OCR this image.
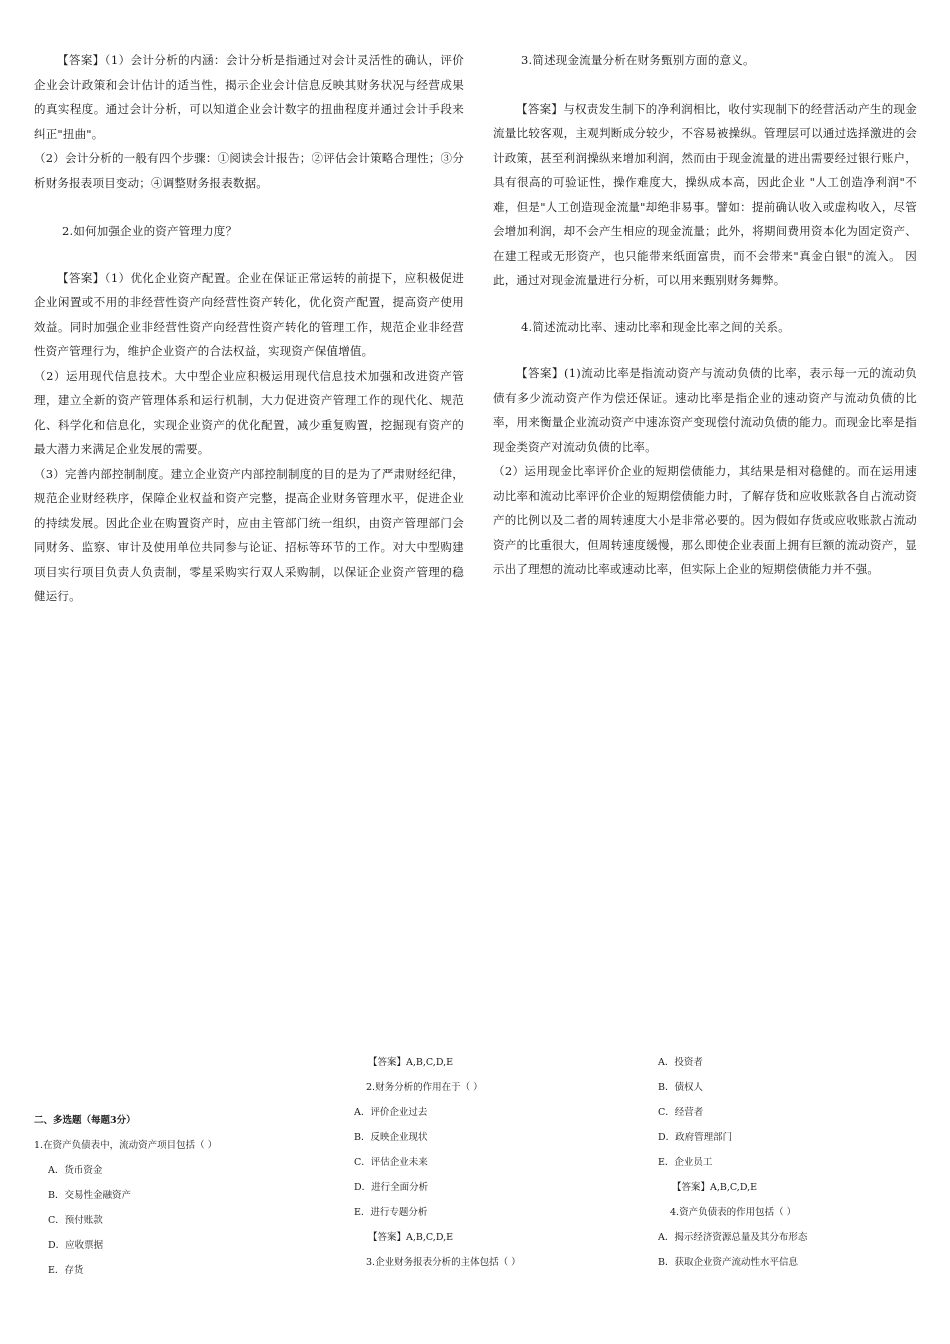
【答案】（1）会计分析的内涵：会计分析是指通过对会计灵活性的确认，评价企业会计政策和会计估计的适当性，揭示企业会计信息反映其财务状况与经营成果的真实程度。通过会计分析，可以知道企业会计数字的扭曲程度并通过会计手段来纠正"扭曲"。

（2）会计分析的一般有四个步骤：①阅读会计报告；②评估会计策略合理性；③分析财务报表项目变动；④调整财务报表数据。

2.如何加强企业的资产管理力度？

【答案】（1）优化企业资产配置。企业在保证正常运转的前提下，应积极促进企业闲置或不用的非经营性资产向经营性资产转化，优化资产配置，提高资产使用效益。同时加强企业非经营性资产向经营性资产转化的管理工作，规范企业非经营性资产管理行为，维护企业资产的合法权益，实现资产保值增值。

（2）运用现代信息技术。大中型企业应积极运用现代信息技术加强和改进资产管理，建立全新的资产管理体系和运行机制，大力促进资产管理工作的现代化、规范化、科学化和信息化，实现企业资产的优化配置，减少重复购置，挖掘现有资产的最大潜力来满足企业发展的需要。

（3）完善内部控制制度。建立企业资产内部控制制度的目的是为了严肃财经纪律，规范企业财经秩序，保障企业权益和资产完整，提高企业财务管理水平，促进企业的持续发展。因此企业在购置资产时，应由主管部门统一组织，由资产管理部门会同财务、监察、审计及使用单位共同参与论证、招标等环节的工作。对大中型购建项目实行项目负责人负责制，零星采购实行双人采购制，以保证企业资产管理的稳健运行。

3.简述现金流量分析在财务甄别方面的意义。

【答案】与权责发生制下的净利润相比，收付实现制下的经营活动产生的现金流量比较客观，主观判断成分较少，不容易被操纵。管理层可以通过选择激进的会计政策，甚至利润操纵来增加利润，然而由于现金流量的进出需要经过银行账户，具有很高的可验证性，操作难度大，操纵成本高，因此企业 "人工创造净利润"不难，但是"人工创造现金流量"却绝非易事。譬如：提前确认收入或虚构收入，尽管会增加利润，却不会产生相应的现金流量；此外，将期间费用资本化为固定资产、在建工程或无形资产，也只能带来纸面富贵，而不会带来"真金白银"的流入。 因此，通过对现金流量进行分析，可以用来甄别财务舞弊。

4.简述流动比率、速动比率和现金比率之间的关系。

【答案】(1)流动比率是指流动资产与流动负债的比率，表示每一元的流动负债有多少流动资产作为偿还保证。速动比率是指企业的速动资产与流动负债的比率，用来衡量企业流动资产中速冻资产变现偿付流动负债的能力。而现金比率是指现金类资产对流动负债的比率。

（2）运用现金比率评价企业的短期偿债能力，其结果是相对稳健的。而在运用速动比率和流动比率评价企业的短期偿债能力时，了解存货和应收账款各自占流动资产的比例以及二者的周转速度大小是非常必要的。因为假如存货或应收账款占流动资产的比重很大，但周转速度缓慢，那么即使企业表面上拥有巨额的流动资产，显示出了理想的流动比率或速动比率，但实际上企业的短期偿债能力并不强。

二、多选题（每题3分）
1.在资产负债表中，流动资产项目包括（ ）
A．货币资金
B．交易性金融资产
C．预付账款
D．应收票据
E．存货
【答案】A,B,C,D,E
2.财务分析的作用在于（ ）
A．评价企业过去
B．反映企业现状
C．评估企业未来
D．进行全面分析
E．进行专题分析
【答案】A,B,C,D,E
3.企业财务报表分析的主体包括（ ）
A．投资者
B．债权人
C．经营者
D．政府管理部门
E．企业员工
【答案】A,B,C,D,E
4.资产负债表的作用包括（ ）
A．揭示经济资源总量及其分布形态
B．获取企业资产流动性水平信息
